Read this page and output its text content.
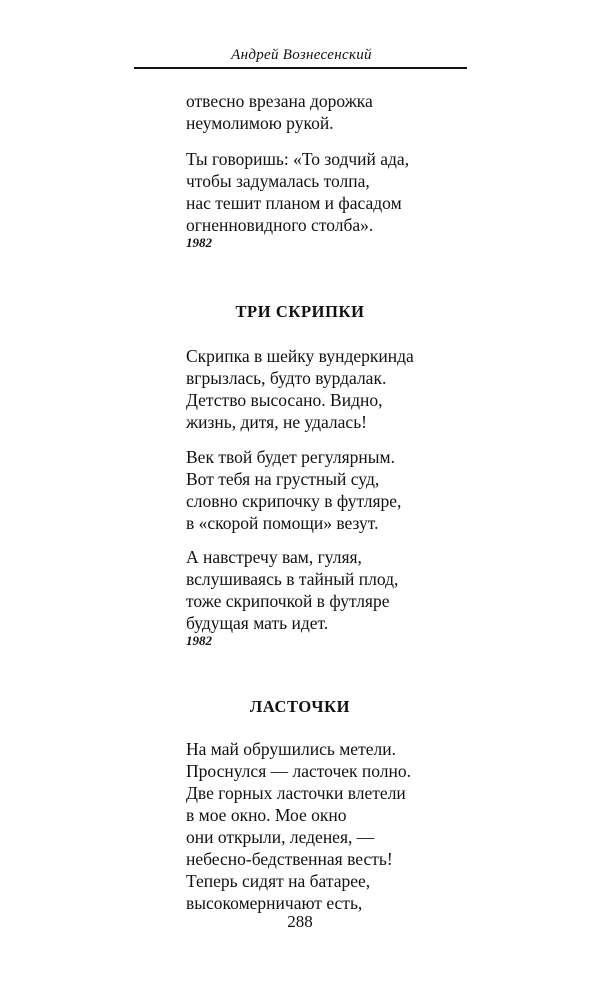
Андрей Вознесенский
отвесно врезана дорожка
неумолимою рукой.
Ты говоришь: «То зодчий ада,
чтобы задумалась толпа,
нас тешит планом и фасадом
огненновидного столба».
1982
ТРИ СКРИПКИ
Скрипка в шейку вундеркинда
вгрызлась, будто вурдалак.
Детство высосано. Видно,
жизнь, дитя, не удалась!
Век твой будет регулярным.
Вот тебя на грустный суд,
словно скрипочку в футляре,
в «скорой помощи» везут.
А навстречу вам, гуляя,
вслушиваясь в тайный плод,
тоже скрипочкой в футляре
будущая мать идет.
1982
ЛАСТОЧКИ
На май обрушились метели.
Проснулся — ласточек полно.
Две горных ласточки влетели
в мое окно. Мое окно
они открыли, леденея, —
небесно-бедственная весть!
Теперь сидят на батарее,
высокомерничают есть,
288
